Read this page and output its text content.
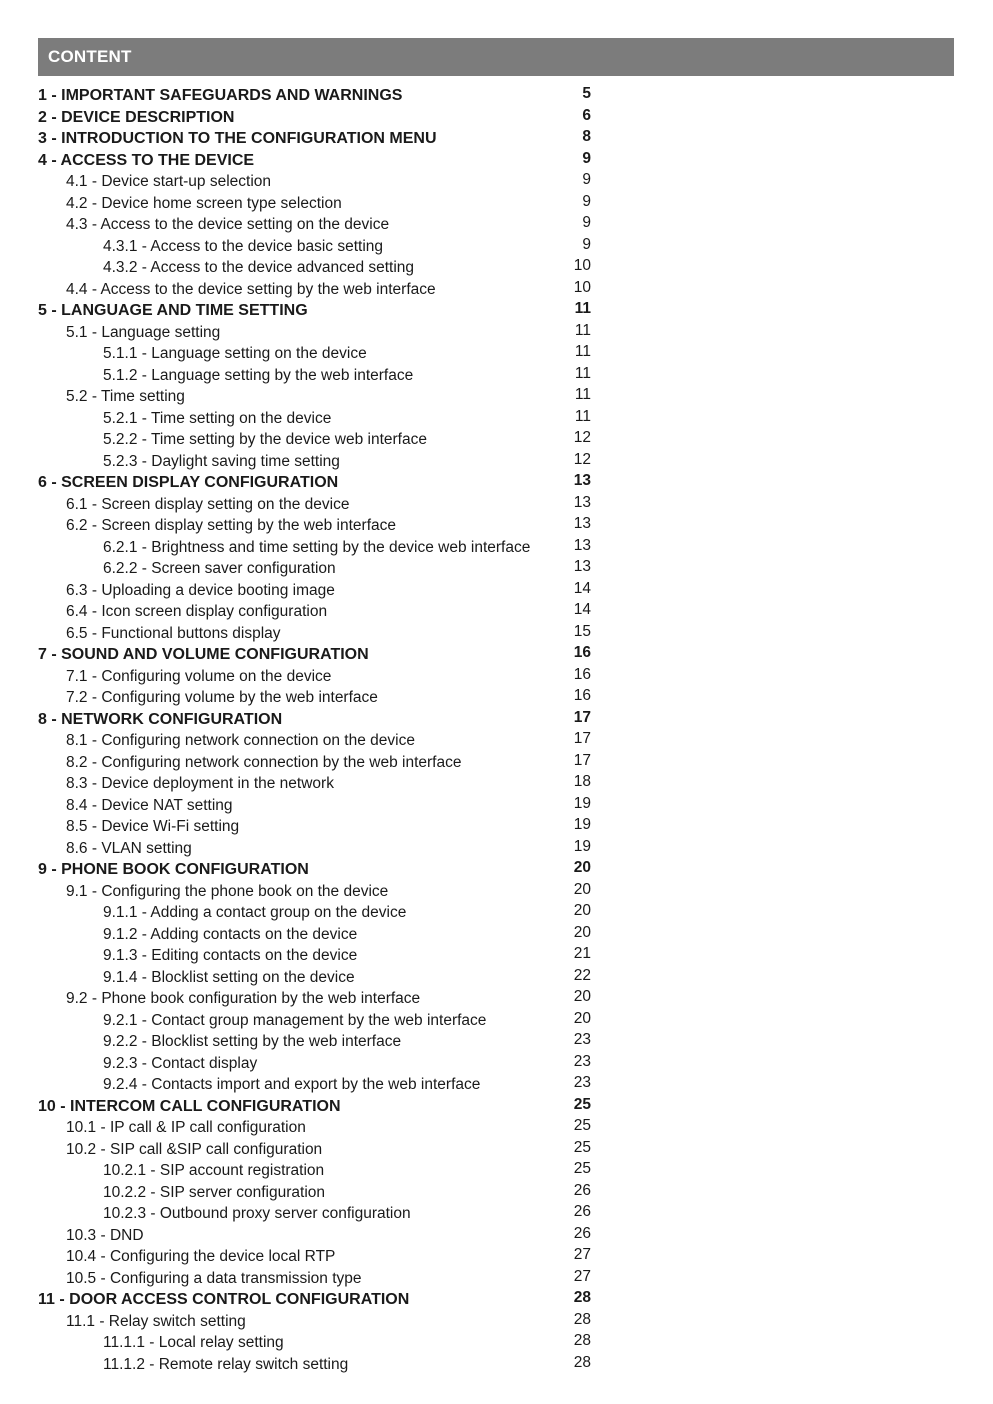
CONTENT
1 - IMPORTANT SAFEGUARDS AND WARNINGS	5
2 - DEVICE DESCRIPTION	6
3 - INTRODUCTION TO THE CONFIGURATION MENU	8
4 - ACCESS TO THE DEVICE	9
4.1 - Device start-up selection	9
4.2 - Device home screen type selection	9
4.3 - Access to the device setting on the device	9
4.3.1 - Access to the device basic setting	9
4.3.2 - Access to the device advanced setting	10
4.4 - Access to the device setting by the web interface	10
5 - LANGUAGE AND TIME SETTING	11
5.1 - Language setting	11
5.1.1 - Language setting on the device	11
5.1.2 - Language setting by the web interface	11
5.2 - Time setting	11
5.2.1 - Time setting on the device	11
5.2.2 - Time setting by the device web interface	12
5.2.3 - Daylight saving time setting	12
6 - SCREEN DISPLAY CONFIGURATION	13
6.1 - Screen display setting on the device	13
6.2 - Screen display setting by the web interface	13
6.2.1 - Brightness and time setting by the device web interface	13
6.2.2 - Screen saver configuration	13
6.3 - Uploading a device booting image	14
6.4 - Icon screen display configuration	14
6.5 - Functional buttons display	15
7 - SOUND AND VOLUME CONFIGURATION	16
7.1 - Configuring volume on the device	16
7.2 - Configuring volume by the web interface	16
8 - NETWORK CONFIGURATION	17
8.1 - Configuring network connection on the device	17
8.2 - Configuring network connection by the web interface	17
8.3 - Device deployment in the network	18
8.4 - Device NAT setting	19
8.5 - Device Wi-Fi setting	19
8.6 - VLAN setting	19
9 - PHONE BOOK CONFIGURATION	20
9.1 - Configuring the phone book on the device	20
9.1.1 - Adding a contact group on the device	20
9.1.2 - Adding contacts on the device	20
9.1.3 - Editing contacts on the device	21
9.1.4 - Blocklist setting on the device	22
9.2 - Phone book configuration by the web interface	20
9.2.1 - Contact group management by the web interface	20
9.2.2 - Blocklist setting by the web interface	23
9.2.3 - Contact display	23
9.2.4 - Contacts import and export by the web interface	23
10 - INTERCOM CALL CONFIGURATION	25
10.1 - IP call & IP call configuration	25
10.2 - SIP call &SIP call configuration	25
10.2.1 - SIP account registration	25
10.2.2 - SIP server configuration	26
10.2.3 - Outbound proxy server configuration	26
10.3 - DND	26
10.4 - Configuring the device local RTP	27
10.5 - Configuring a data transmission type	27
11 - DOOR ACCESS CONTROL CONFIGURATION	28
11.1 - Relay switch setting	28
11.1.1 - Local relay setting	28
11.1.2 - Remote relay switch setting	28
